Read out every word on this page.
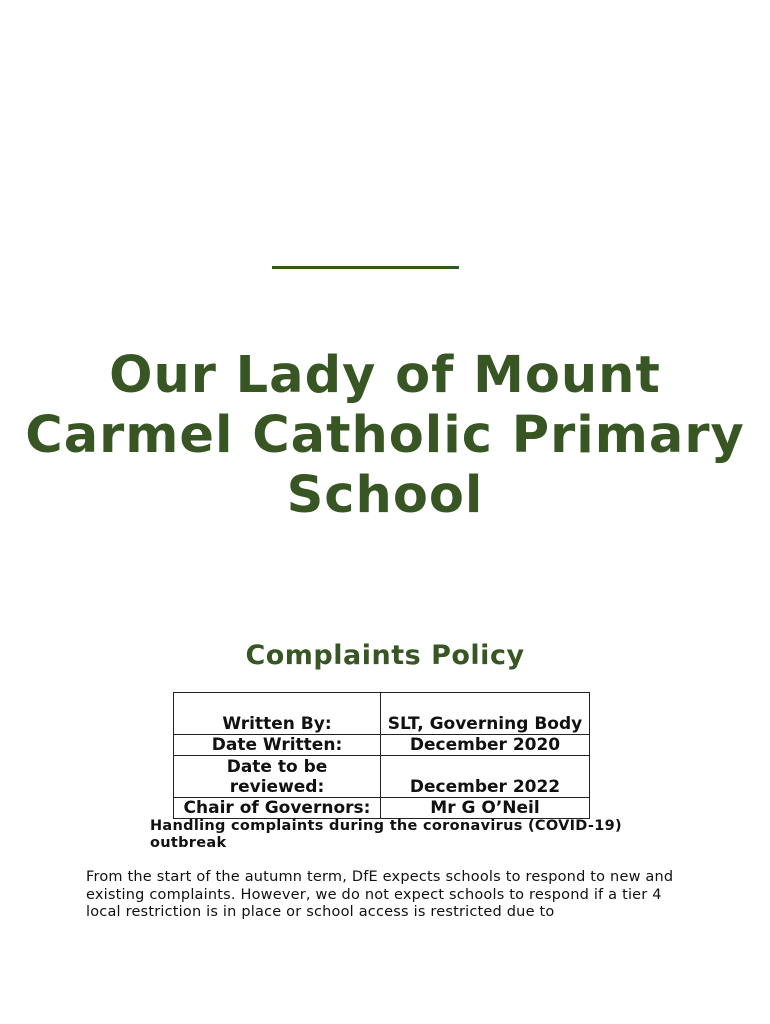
Our Lady of Mount Carmel Catholic Primary School
Complaints Policy
Written By:	SLT, Governing Body
Date Written:	December 2020
Date to be reviewed:	December 2022
Chair of Governors:	Mr G O’Neil
Handling complaints during the coronavirus (COVID-19) outbreak
From the start of the autumn term, DfE expects schools to respond to new and existing complaints. However, we do not expect schools to respond if a tier 4 local restriction is in place or school access is restricted due to
